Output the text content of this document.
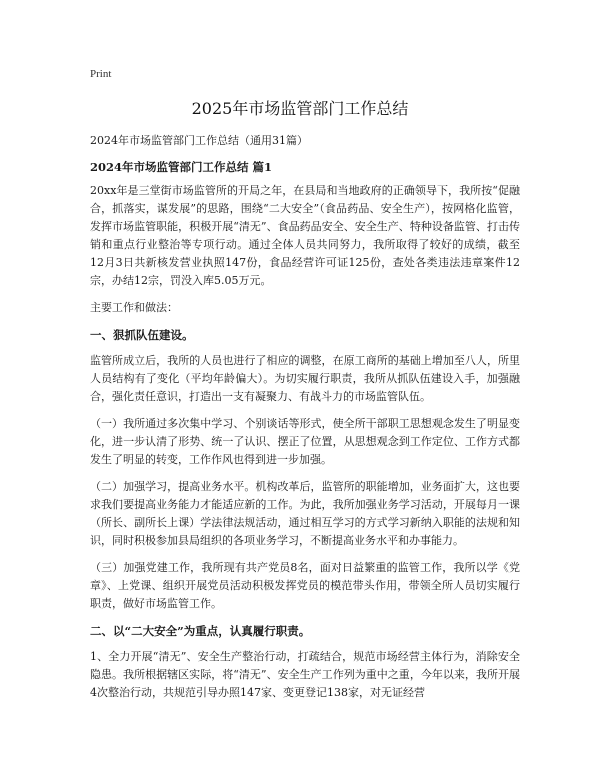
Print
2025年市场监管部门工作总结

2024年市场监管部门工作总结（通用31篇）

2024年市场监管部门工作总结 篇1

20xx年是三堂街市场监管所的开局之年，在县局和当地政府的正确领导下，我所按“促融合，抓落实，谋发展”的思路，围绕“二大安全”（食品药品、安全生产），按网格化监管，发挥市场监管职能，积极开展“清无”、食品药品安全、安全生产、特种设备监管、打击传销和重点行业整治等专项行动。通过全体人员共同努力，我所取得了较好的成绩，截至12月3日共新核发营业执照147份，食品经营许可证125份，查处各类违法违章案件12宗，办结12宗，罚没入库5.05万元。

主要工作和做法：

一、狠抓队伍建设。

监管所成立后，我所的人员也进行了相应的调整，在原工商所的基础上增加至八人，所里人员结构有了变化（平均年龄偏大）。为切实履行职责，我所从抓队伍建设入手，加强融合，强化责任意识，打造出一支有凝聚力、有战斗力的市场监管队伍。

（一）我所通过多次集中学习、个别谈话等形式，使全所干部职工思想观念发生了明显变化，进一步认清了形势、统一了认识、摆正了位置，从思想观念到工作定位、工作方式都发生了明显的转变，工作作风也得到进一步加强。

（二）加强学习，提高业务水平。机构改革后，监管所的职能增加，业务面扩大，这也要求我们要提高业务能力才能适应新的工作。为此，我所加强业务学习活动，开展每月一课（所长、副所长上课）学法律法规活动，通过相互学习的方式学习新纳入职能的法规和知识，同时积极参加县局组织的各项业务学习，不断提高业务水平和办事能力。

（三）加强党建工作，我所现有共产党员8名，面对日益繁重的监管工作，我所以学《党章》、上党课、组织开展党员活动积极发挥党员的模范带头作用，带领全所人员切实履行职责，做好市场监管工作。

二、以“二大安全”为重点，认真履行职责。

1、全力开展“清无”、安全生产整治行动，打疏结合，规范市场经营主体行为，消除安全隐患。我所根据辖区实际，将“清无”、安全生产工作列为重中之重，今年以来，我所开展4次整治行动，共规范引导办照147家、变更登记138家，对无证经营
